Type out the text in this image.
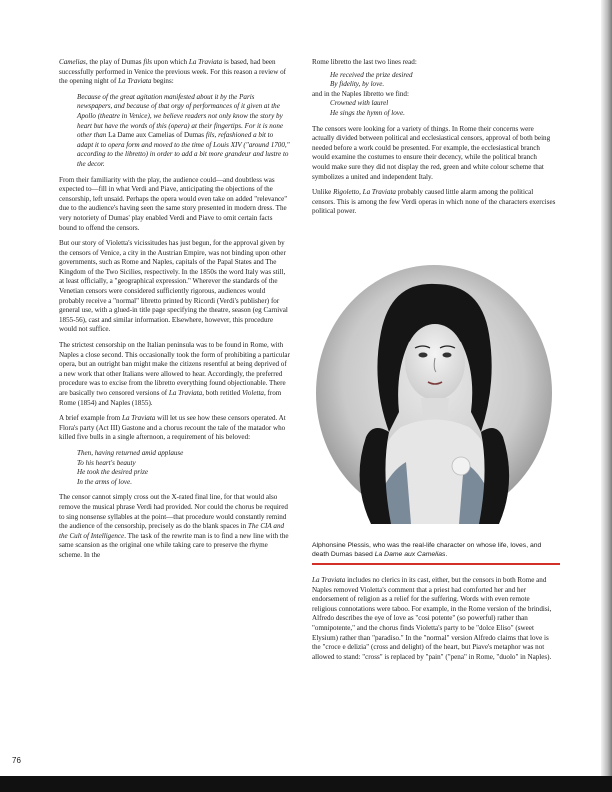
Camelias, the play of Dumas fils upon which La Traviata is based, had been successfully performed in Venice the previous week. For this reason a review of the opening night of La Traviata begins:

Because of the great agitation manifested about it by the Paris newspapers, and because of that orgy of performances of it given at the Apollo (theatre in Venice), we believe readers not only know the story by heart but have the words of this (opera) at their fingertips. For it is none other than La Dame aux Camelias of Dumas fils, refashioned a bit to adapt it to opera form and moved to the time of Louis XIV ("around 1700," according to the libretto) in order to add a bit more grandeur and lustre to the decor.

From their familiarity with the play, the audience could—and doubtless was expected to—fill in what Verdi and Piave, anticipating the objections of the censorship, left unsaid. Perhaps the opera would even take on added "relevance" due to the audience's having seen the same story presented in modern dress. The very notoriety of Dumas' play enabled Verdi and Piave to omit certain facts bound to offend the censors.

But our story of Violetta's vicissitudes has just begun, for the approval given by the censors of Venice, a city in the Austrian Empire, was not binding upon other governments, such as Rome and Naples, capitals of the Papal States and The Kingdom of the Two Sicilies, respectively. In the 1850s the word Italy was still, at least officially, a "geographical expression." Wherever the standards of the Venetian censors were considered sufficiently rigorous, audiences would probably receive a "normal" libretto printed by Ricordi (Verdi's publisher) for general use, with a glued-in title page specifying the theatre, season (eg Carnival 1855-56), cast and similar information. Elsewhere, however, this procedure would not suffice.

The strictest censorship on the Italian peninsula was to be found in Rome, with Naples a close second. This occasionally took the form of prohibiting a particular opera, but an outright ban might make the citizens resentful at being deprived of a new work that other Italians were allowed to hear. Accordingly, the preferred procedure was to excise from the libretto everything found objectionable. There are basically two censored versions of La Traviata, both retitled Violetta, from Rome (1854) and Naples (1855).

A brief example from La Traviata will let us see how these censors operated. At Flora's party (Act III) Gastone and a chorus recount the tale of the matador who killed five bulls in a single afternoon, a requirement of his beloved:

Then, having returned amid applause
To his heart's beauty
He took the desired prize
In the arms of love.

The censor cannot simply cross out the X-rated final line, for that would also remove the musical phrase Verdi had provided. Nor could the chorus be required to sing nonsense syllables at the point—that procedure would constantly remind the audience of the censorship, precisely as do the blank spaces in The CIA and the Cult of Intelligence. The task of the rewrite man is to find a new line with the same scansion as the original one while taking care to preserve the rhyme scheme. In the

Rome libretto the last two lines read:

He received the prize desired
By fidelity, by love.

and in the Naples libretto we find:

Crowned with laurel
He sings the hymn of love.

The censors were looking for a variety of things. In Rome their concerns were actually divided between political and ecclesiastical censors, approval of both being needed before a work could be presented. For example, the ecclesiastical branch would examine the costumes to ensure their decency, while the political branch would make sure they did not display the red, green and white colour scheme that symbolizes a united and independent Italy.

Unlike Rigoletto, La Traviata probably caused little alarm among the political censors. This is among the few Verdi operas in which none of the characters exercises political power.

Alphonsine Plessis, who was the real-life character on whose life, loves, and death Dumas based La Dame aux Camelias.

La Traviata includes no clerics in its cast, either, but the censors in both Rome and Naples removed Violetta's comment that a priest had comforted her and her endorsement of religion as a relief for the suffering. Words with even remote religious connotations were taboo. For example, in the Rome version of the brindisi, Alfredo describes the eye of love as "cosi potente" (so powerful) rather than "omnipotente," and the chorus finds Violetta's party to be "dolce Eliso" (sweet Elysium) rather than "paradiso." In the "normal" version Alfredo claims that love is the "croce e delizia" (cross and delight) of the heart, but Piave's metaphor was not allowed to stand: "cross" is replaced by "pain" ("pena" in Rome, "duolo" in Naples).

76
